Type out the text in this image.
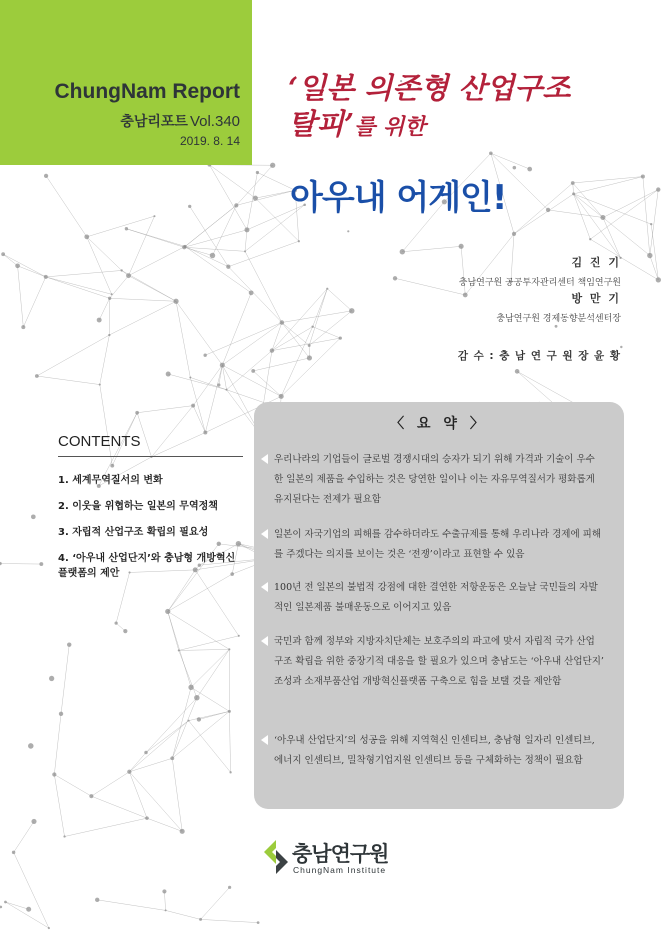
ChungNam Report
충남리포트 Vol.340
2019. 8. 14
‘일본 의존형 산업구조
탈피’를 위한
아우내 어게인!
김 진 기
충남연구원 공공투자관리센터 책임연구원
방 만 기
충남연구원 경제동향분석센터장
감 수 : 충 남 연 구 원 장 윤 황
CONTENTS
1. 세계무역질서의 변화
2. 이웃을 위협하는 일본의 무역정책
3. 자립적 산업구조 확립의 필요성
4. ‘아우내 산업단지’와 충남형 개방혁신 플랫폼의 제안
〈 요 약 〉
우리나라의 기업들이 글로벌 경쟁시대의 승자가 되기 위해 가격과 기술이 우수한 일본의 제품을 수입하는 것은 당연한 일이나 이는 자유무역질서가 평화롭게 유지된다는 전제가 필요함
일본이 자국기업의 피해를 감수하더라도 수출규제를 통해 우리나라 경제에 피해를 주겠다는 의지를 보이는 것은 ‘전쟁’이라고 표현할 수 있음
100년 전 일본의 불법적 강점에 대한 결연한 저항운동은 오늘날 국민들의 자발적인 일본제품 불매운동으로 이어지고 있음
국민과 함께 정부와 지방자치단체는 보호주의의 파고에 맞서 자립적 국가 산업구조 확립을 위한 중장기적 대응을 할 필요가 있으며 충남도는 ‘아우내 산업단지’ 조성과 소재부품산업 개방혁신플랫폼 구축으로 힘을 보탤 것을 제안함
‘아우내 산업단지’의 성공을 위해 지역혁신 인센티브, 충남형 일자리 인센티브, 에너지 인센티브, 밀착형기업지원 인센티브 등을 구체화하는 정책이 필요함
충남연구원
ChungNam Institute
